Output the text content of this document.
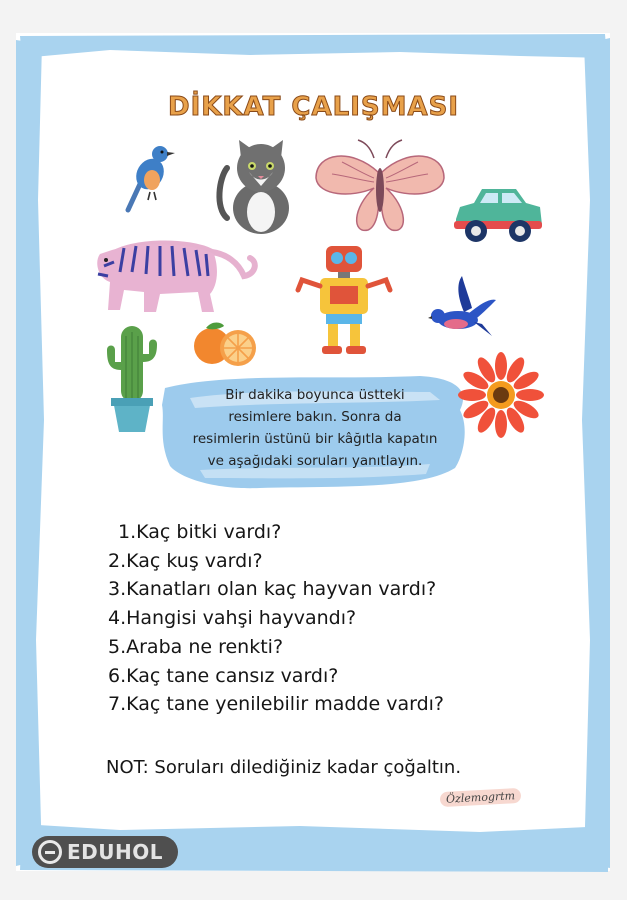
DİKKAT ÇALIŞMASI
Bir dakika boyunca üstteki
resimlere bakın. Sonra da
resimlerin üstünü bir kâğıtla kapatın
ve aşağıdaki soruları yanıtlayın.
1.Kaç bitki vardı?
2.Kaç kuş vardı?
3.Kanatları olan kaç hayvan vardı?
4.Hangisi vahşi hayvandı?
5.Araba ne renkti?
6.Kaç tane cansız vardı?
7.Kaç tane yenilebilir madde vardı?
NOT: Soruları dilediğiniz kadar çoğaltın.
Özlemogrtm
EDUHOL
